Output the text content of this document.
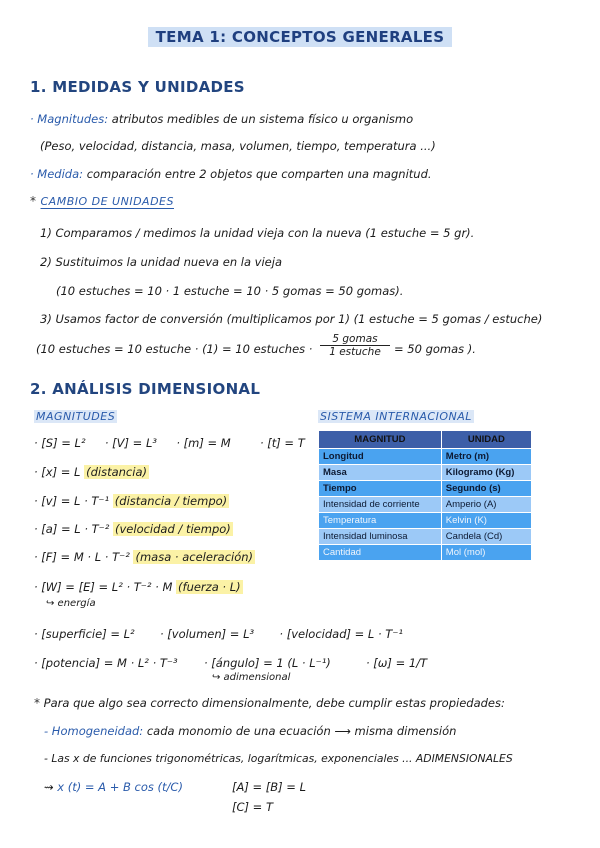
TEMA 1: CONCEPTOS GENERALES
1. MEDIDAS Y UNIDADES
· Magnitudes: atributos medibles de un sistema físico u organismo
(Peso, velocidad, distancia, masa, volumen, tiempo, temperatura ...)
· Medida: comparación entre 2 objetos que comparten una magnitud.
* CAMBIO DE UNIDADES
1) Comparamos / medimos la unidad vieja con la nueva (1 estuche = 5 gr).
2) Sustituimos la unidad nueva en la vieja
(10 estuches = 10 · 1 estuche = 10 · 5 gomas = 50 gomas).
3) Usamos factor de conversión (multiplicamos por 1) (1 estuche = 5 gomas / estuche)
(10 estuches = 10 estuche · (1) = 10 estuches ·
5 gomas
1 estuche	= 50 gomas ).
2. ANÁLISIS DIMENSIONAL
MAGNITUDES	SISTEMA INTERNACIONAL
· [S] = L² · [V] = L³ · [m] = M	· [t] = T
· [x] = L (distancia)
· [v] = L · T⁻¹ (distancia / tiempo)
· [a] = L · T⁻² (velocidad / tiempo)
· [F] = M · L · T⁻² (masa · aceleración)
· [W] = [E] = L² · T⁻² · M (fuerza · L)
↪ energía
· [superficie] = L² · [volumen] = L³ · [velocidad] = L · T⁻¹
· [potencia] = M · L² · T⁻³ · [ángulo] = 1 (L · L⁻¹)
↪ adimensional
· [ω] = 1/T
* Para que algo sea correcto dimensionalmente, debe cumplir estas propiedades:
- Homogeneidad: cada monomio de una ecuación ⟶ misma dimensión
- Las x de funciones trigonométricas, logarítmicas, exponenciales ... ADIMENSIONALES
⇝ x (t) = A + B cos (t/C)	[A] = [B] = L
[C] = T
MAGNITUD	UNIDAD
Longitud	Metro (m)
Masa	Kilogramo (Kg)
Tiempo	Segundo (s)
Intensidad de corriente	Amperio (A)
Temperatura	Kelvin (K)
Intensidad luminosa	Candela (Cd)
Cantidad	Mol (mol)
